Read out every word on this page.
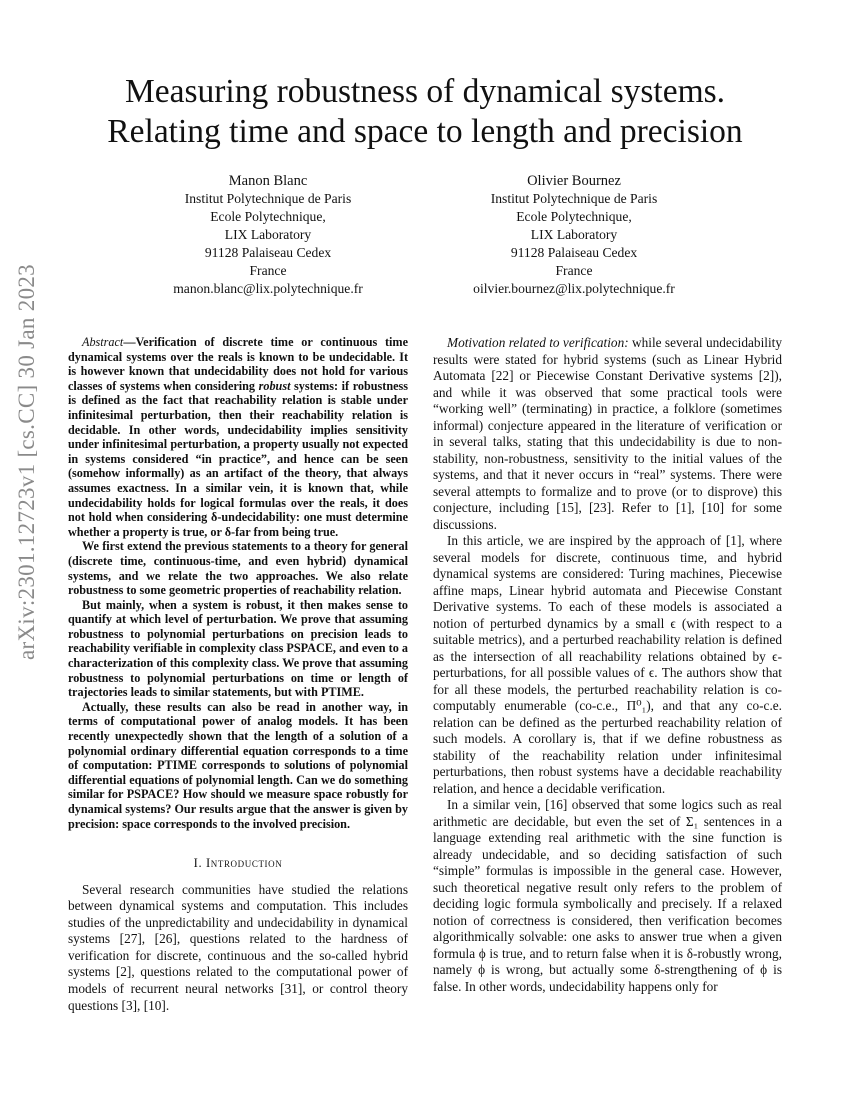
arXiv:2301.12723v1 [cs.CC] 30 Jan 2023
Measuring robustness of dynamical systems.
Relating time and space to length and precision
Manon Blanc
Institut Polytechnique de Paris
Ecole Polytechnique,
LIX Laboratory
91128 Palaiseau Cedex
France
manon.blanc@lix.polytechnique.fr
Olivier Bournez
Institut Polytechnique de Paris
Ecole Polytechnique,
LIX Laboratory
91128 Palaiseau Cedex
France
oilvier.bournez@lix.polytechnique.fr

Abstract—Verification of discrete time or continuous time dynamical systems over the reals is known to be undecidable. It is however known that undecidability does not hold for various classes of systems when considering robust systems: if robustness is defined as the fact that reachability relation is stable under infinitesimal perturbation, then their reachability relation is decidable. In other words, undecidability implies sensitivity under infinitesimal perturbation, a property usually not expected in systems considered “in practice”, and hence can be seen (somehow informally) as an artifact of the theory, that always assumes exactness. In a similar vein, it is known that, while undecidability holds for logical formulas over the reals, it does not hold when considering δ-undecidability: one must determine whether a property is true, or δ-far from being true.

We first extend the previous statements to a theory for general (discrete time, continuous-time, and even hybrid) dynamical systems, and we relate the two approaches. We also relate robustness to some geometric properties of reachability relation.

But mainly, when a system is robust, it then makes sense to quantify at which level of perturbation. We prove that assuming robustness to polynomial perturbations on precision leads to reachability verifiable in complexity class PSPACE, and even to a characterization of this complexity class. We prove that assuming robustness to polynomial perturbations on time or length of trajectories leads to similar statements, but with PTIME.

Actually, these results can also be read in another way, in terms of computational power of analog models. It has been recently unexpectedly shown that the length of a solution of a polynomial ordinary differential equation corresponds to a time of computation: PTIME corresponds to solutions of polynomial differential equations of polynomial length. Can we do something similar for PSPACE? How should we measure space robustly for dynamical systems? Our results argue that the answer is given by precision: space corresponds to the involved precision.

I. Introduction

Several research communities have studied the relations between dynamical systems and computation. This includes studies of the unpredictability and undecidability in dynamical systems [27], [26], questions related to the hardness of verification for discrete, continuous and the so-called hybrid systems [2], questions related to the computational power of models of recurrent neural networks [31], or control theory questions [3], [10].

Motivation related to verification: while several undecidability results were stated for hybrid systems (such as Linear Hybrid Automata [22] or Piecewise Constant Derivative systems [2]), and while it was observed that some practical tools were “working well” (terminating) in practice, a folklore (sometimes informal) conjecture appeared in the literature of verification or in several talks, stating that this undecidability is due to non-stability, non-robustness, sensitivity to the initial values of the systems, and that it never occurs in “real” systems. There were several attempts to formalize and to prove (or to disprove) this conjecture, including [15], [23]. Refer to [1], [10] for some discussions.

In this article, we are inspired by the approach of [1], where several models for discrete, continuous time, and hybrid dynamical systems are considered: Turing machines, Piecewise affine maps, Linear hybrid automata and Piecewise Constant Derivative systems. To each of these models is associated a notion of perturbed dynamics by a small ϵ (with respect to a suitable metrics), and a perturbed reachability relation is defined as the intersection of all reachability relations obtained by ϵ-perturbations, for all possible values of ϵ. The authors show that for all these models, the perturbed reachability relation is co-computably enumerable (co-c.e., Π⁰₁), and that any co-c.e. relation can be defined as the perturbed reachability relation of such models. A corollary is, that if we define robustness as stability of the reachability relation under infinitesimal perturbations, then robust systems have a decidable reachability relation, and hence a decidable verification.

In a similar vein, [16] observed that some logics such as real arithmetic are decidable, but even the set of Σ₁ sentences in a language extending real arithmetic with the sine function is already undecidable, and so deciding satisfaction of such “simple” formulas is impossible in the general case. However, such theoretical negative result only refers to the problem of deciding logic formula symbolically and precisely. If a relaxed notion of correctness is considered, then verification becomes algorithmically solvable: one asks to answer true when a given formula ϕ is true, and to return false when it is δ-robustly wrong, namely ϕ is wrong, but actually some δ-strengthening of ϕ is false. In other words, undecidability happens only for
